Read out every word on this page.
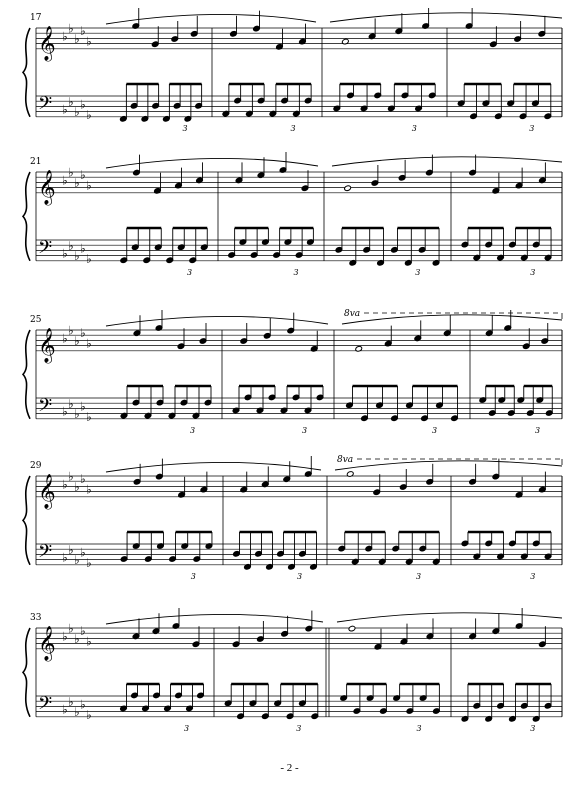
17
𝄞
𝄢
♭
♭
♭
♭
♭
♭
♭
♭
♭
♭
3	3	3	3
21
𝄞
𝄢
♭
♭
♭
♭
♭
♭
♭
♭
♭
♭
3	3	3	3
25
𝄞
𝄢
♭
♭
♭
♭
♭
♭
♭
♭
♭
♭
8va
3	3	3	3
29
𝄞
𝄢
♭
♭
♭
♭
♭
♭
♭
♭
♭
♭
8va
3	3	3	3
33
𝄞
𝄢
♭
♭
♭
♭
♭
♭
♭
♭
♭
♭
3	3	3	3
- 2 -
